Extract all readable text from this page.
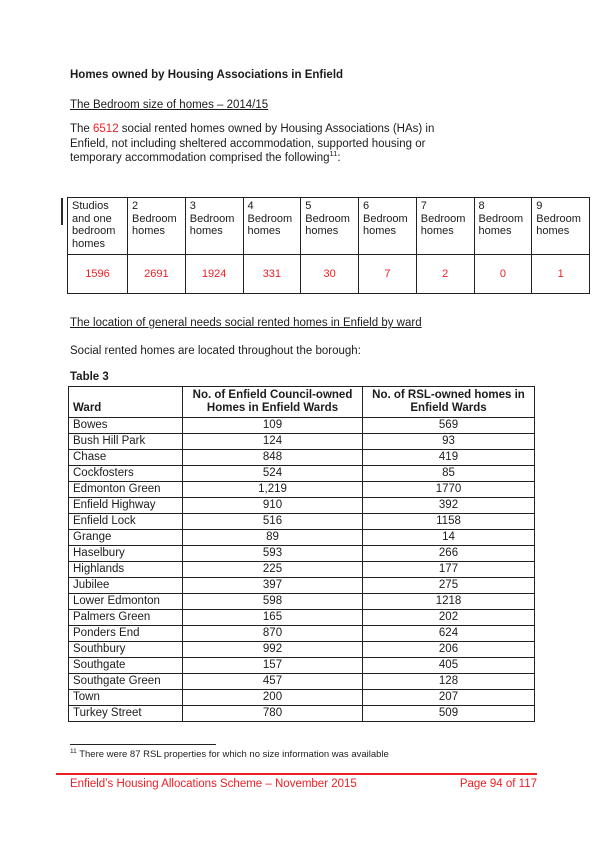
Homes owned by Housing Associations in Enfield
The Bedroom size of homes – 2014/15

The 6512 social rented homes owned by Housing Associations (HAs) in
Enfield, not including sheltered accommodation, supported housing or
temporary accommodation comprised the following$^{11}$:

Studios and one bedroom homes	2 Bedroom homes	3 Bedroom homes	4 Bedroom homes	5 Bedroom homes	6 Bedroom homes	7 Bedroom homes	8 Bedroom homes	9 Bedroom homes
1596	2691	1924	331	30	7	2	0	1
The location of general needs social rented homes in Enfield by ward

Social rented homes are located throughout the borough:

Table 3
Ward	No. of Enfield Council-owned Homes in Enfield Wards	No. of RSL-owned homes in Enfield Wards
Bowes	109	569
Bush Hill Park	124	93
Chase	848	419
Cockfosters	524	85
Edmonton Green	1,219	1770
Enfield Highway	910	392
Enfield Lock	516	1158
Grange	89	14
Haselbury	593	266
Highlands	225	177
Jubilee	397	275
Lower Edmonton	598	1218
Palmers Green	165	202
Ponders End	870	624
Southbury	992	206
Southgate	157	405
Southgate Green	457	128
Town	200	207
Turkey Street	780	509

$^{11}$ There were 87 RSL properties for which no size information was available

Enfield’s Housing Allocations Scheme – November 2015	Page 94 of 117
